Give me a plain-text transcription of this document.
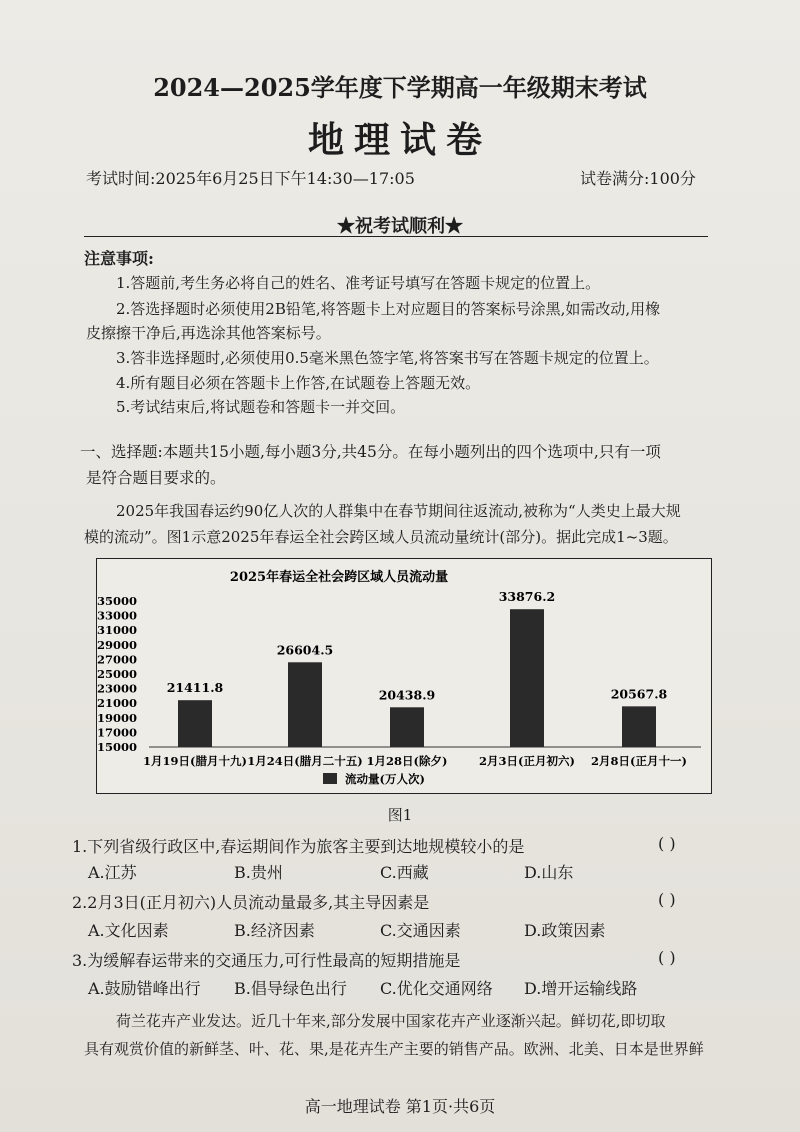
2024—2025学年度下学期高一年级期末考试
地理试卷
考试时间:2025年6月25日下午14:30—17:05	试卷满分:100分
★祝考试顺利★
注意事项:
1.答题前,考生务必将自己的姓名、准考证号填写在答题卡规定的位置上。
2.答选择题时必须使用2B铅笔,将答题卡上对应题目的答案标号涂黑,如需改动,用橡
皮擦擦干净后,再选涂其他答案标号。
3.答非选择题时,必须使用0.5毫米黑色签字笔,将答案书写在答题卡规定的位置上。
4.所有题目必须在答题卡上作答,在试题卷上答题无效。
5.考试结束后,将试题卷和答题卡一并交回。
一、选择题:本题共15小题,每小题3分,共45分。在每小题列出的四个选项中,只有一项
是符合题目要求的。
2025年我国春运约90亿人次的人群集中在春节期间往返流动,被称为“人类史上最大规
模的流动”。图1示意2025年春运全社会跨区域人员流动量统计(部分)。据此完成1~3题。
2025年春运全社会跨区域人员流动量
35000
33000
31000
29000
27000
25000
23000
21000
19000
17000
15000
21411.8
1月19日(腊月十九)
26604.5
1月24日(腊月二十五)
20438.9
1月28日(除夕)
33876.2
2月3日(正月初六)
20567.8
2月8日(正月十一)
流动量(万人次)
图1
1.下列省级行政区中,春运期间作为旅客主要到达地规模较小的是	( )
A.江苏	B.贵州	C.西藏	D.山东
2.2月3日(正月初六)人员流动量最多,其主导因素是	( )
A.文化因素	B.经济因素	C.交通因素	D.政策因素
3.为缓解春运带来的交通压力,可行性最高的短期措施是	( )
A.鼓励错峰出行 B.倡导绿色出行 C.优化交通网络 D.增开运输线路
荷兰花卉产业发达。近几十年来,部分发展中国家花卉产业逐渐兴起。鲜切花,即切取
具有观赏价值的新鲜茎、叶、花、果,是花卉生产主要的销售产品。欧洲、北美、日本是世界鲜
高一地理试卷 第1页·共6页
